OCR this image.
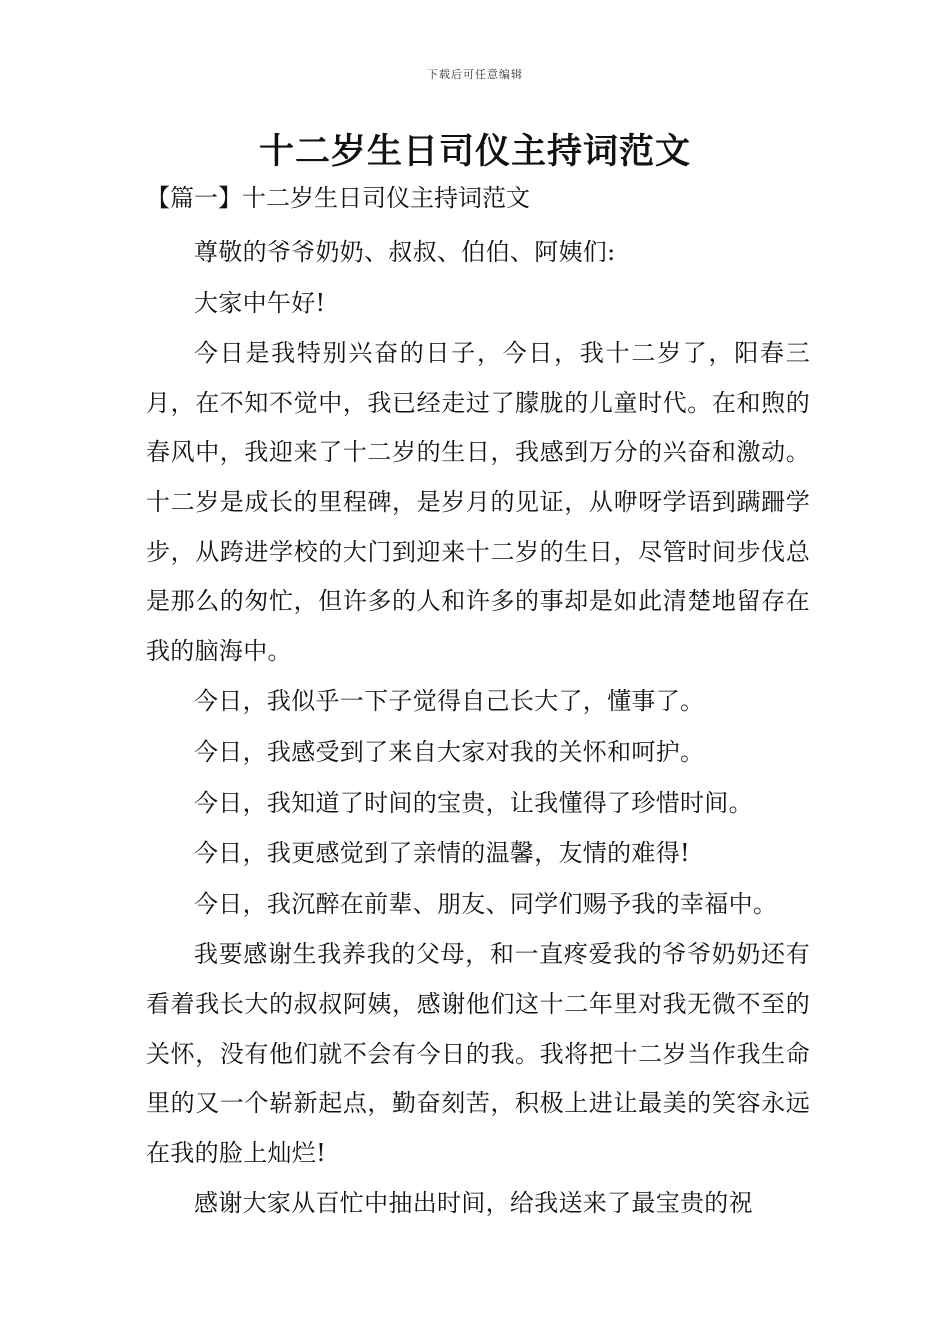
下载后可任意编辑
十二岁生日司仪主持词范文
【篇一】十二岁生日司仪主持词范文

尊敬的爷爷奶奶、叔叔、伯伯、阿姨们:

大家中午好!

今日是我特别兴奋的日子，今日，我十二岁了，阳春三月，在不知不觉中，我已经走过了朦胧的儿童时代。在和煦的春风中，我迎来了十二岁的生日，我感到万分的兴奋和激动。十二岁是成长的里程碑，是岁月的见证，从咿呀学语到蹒跚学步，从跨进学校的大门到迎来十二岁的生日，尽管时间步伐总是那么的匆忙，但许多的人和许多的事却是如此清楚地留存在我的脑海中。

今日，我似乎一下子觉得自己长大了，懂事了。

今日，我感受到了来自大家对我的关怀和呵护。

今日，我知道了时间的宝贵，让我懂得了珍惜时间。

今日，我更感觉到了亲情的温馨，友情的难得!

今日，我沉醉在前辈、朋友、同学们赐予我的幸福中。

我要感谢生我养我的父母，和一直疼爱我的爷爷奶奶还有看着我长大的叔叔阿姨，感谢他们这十二年里对我无微不至的关怀，没有他们就不会有今日的我。我将把十二岁当作我生命里的又一个崭新起点，勤奋刻苦，积极上进让最美的笑容永远在我的脸上灿烂!

感谢大家从百忙中抽出时间，给我送来了最宝贵的祝
